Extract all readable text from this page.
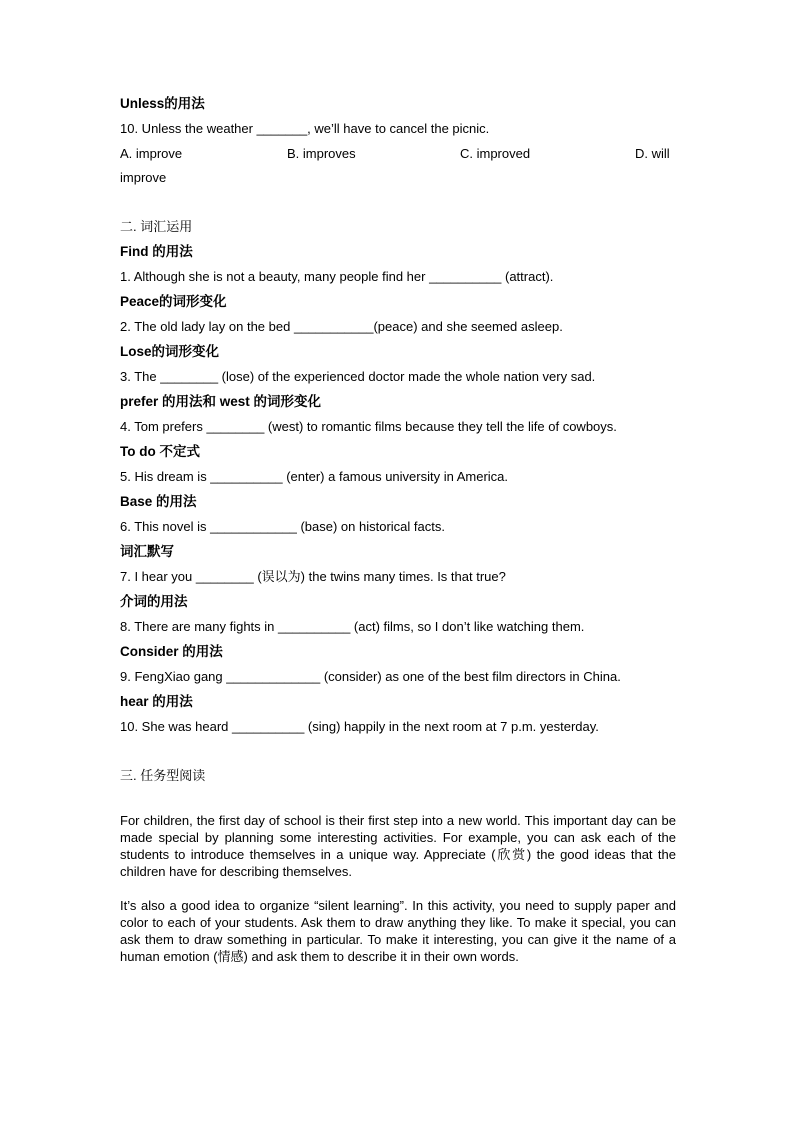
Unless的用法
10. Unless the weather _______, we’ll have to cancel the picnic.
A. improve	B. improves	C. improved	D. will
improve
二. 词汇运用
Find 的用法
1. Although she is not a beauty, many people find her __________ (attract).
Peace的词形变化
2. The old lady lay on the bed ___________(peace) and she seemed asleep.
Lose的词形变化
3. The ________ (lose) of the experienced doctor made the whole nation very sad.
prefer 的用法和 west 的词形变化
4. Tom prefers ________ (west) to romantic films because they tell the life of cowboys.
To do 不定式
5. His dream is __________ (enter) a famous university in America.
Base 的用法
6. This novel is ____________ (base) on historical facts.
词汇默写
7. I hear you ________ (误以为) the twins many times. Is that true?
介词的用法
8. There are many fights in __________ (act) films, so I don’t like watching them.
Consider 的用法
9. FengXiao gang _____________ (consider) as one of the best film directors in China.
hear 的用法
10. She was heard __________ (sing) happily in the next room at 7 p.m. yesterday.
三. 任务型阅读
For children, the first day of school is their first step into a new world. This important day can be made special by planning some interesting activities. For example, you can ask each of the students to introduce themselves in a unique way. Appreciate (欣赏) the good ideas that the children have for describing themselves.
It’s also a good idea to organize “silent learning”. In this activity, you need to supply paper and color to each of your students. Ask them to draw anything they like. To make it special, you can ask them to draw something in particular. To make it interesting, you can give it the name of a human emotion (情感) and ask them to describe it in their own words.
